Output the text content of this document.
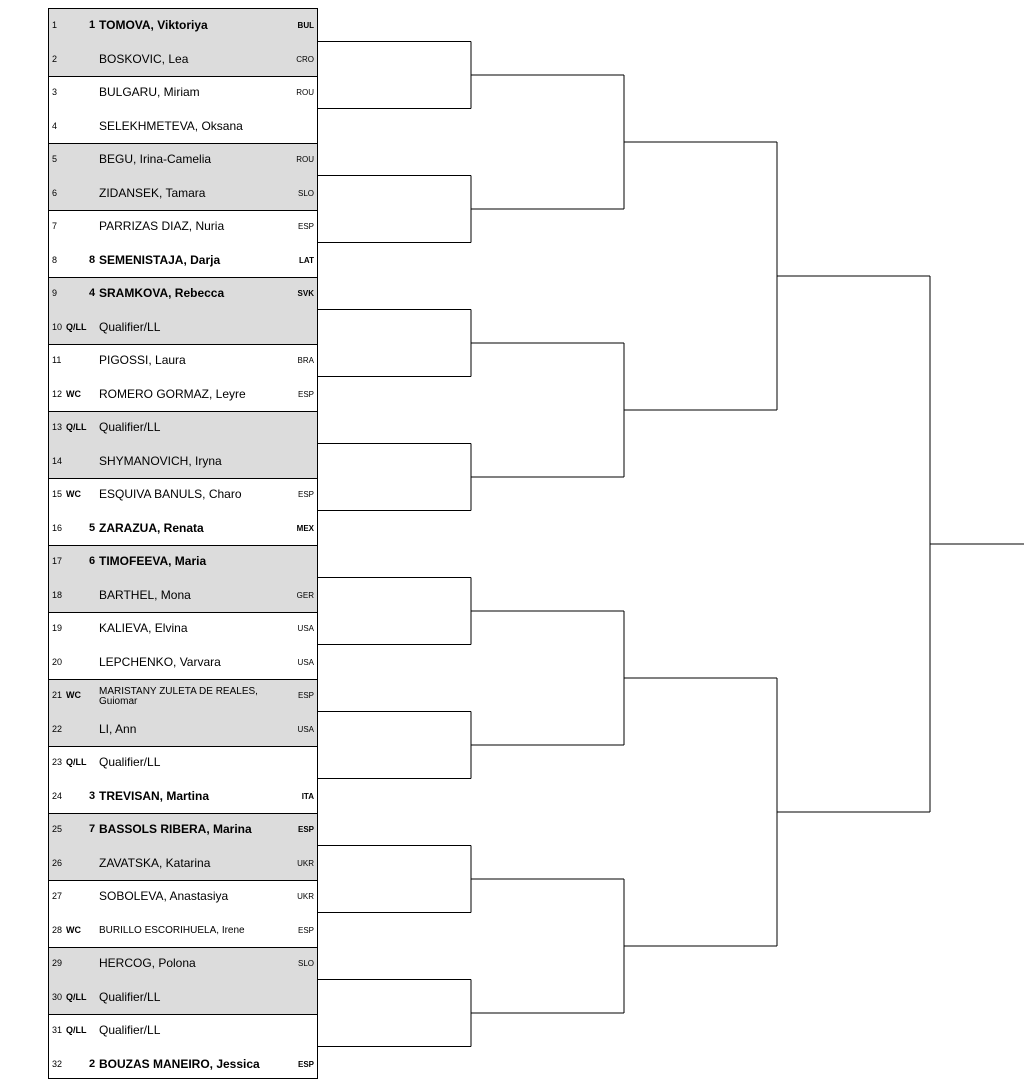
1	1 TOMOVA, Viktoriya	BUL
2	BOSKOVIC, Lea	CRO
3	BULGARU, Miriam	ROU
4	SELEKHMETEVA, Oksana
5	BEGU, Irina-Camelia	ROU
6	ZIDANSEK, Tamara	SLO
7	PARRIZAS DIAZ, Nuria	ESP
8	8 SEMENISTAJA, Darja	LAT
9	4 SRAMKOVA, Rebecca	SVK
10 Q/LL Qualifier/LL
11	PIGOSSI, Laura	BRA
12 WC ROMERO GORMAZ, Leyre	ESP
13 Q/LL Qualifier/LL
14	SHYMANOVICH, Iryna
15 WC ESQUIVA BANULS, Charo	ESP
16 5 ZARAZUA, Renata	MEX
17 6 TIMOFEEVA, Maria
18	BARTHEL, Mona	GER
19	KALIEVA, Elvina	USA
20	LEPCHENKO, Varvara	USA
21 WC MARISTANY ZULETA DE REALES, Guiomar
ESP
22	LI, Ann	USA
23 Q/LL Qualifier/LL
24 3 TREVISAN, Martina	ITA
25 7 BASSOLS RIBERA, Marina	ESP
26	ZAVATSKA, Katarina	UKR
27	SOBOLEVA, Anastasiya	UKR
28 WC BURILLO ESCORIHUELA, Irene	ESP
29	HERCOG, Polona	SLO
30 Q/LL Qualifier/LL
31 Q/LL Qualifier/LL
32 2 BOUZAS MANEIRO, Jessica	ESP
